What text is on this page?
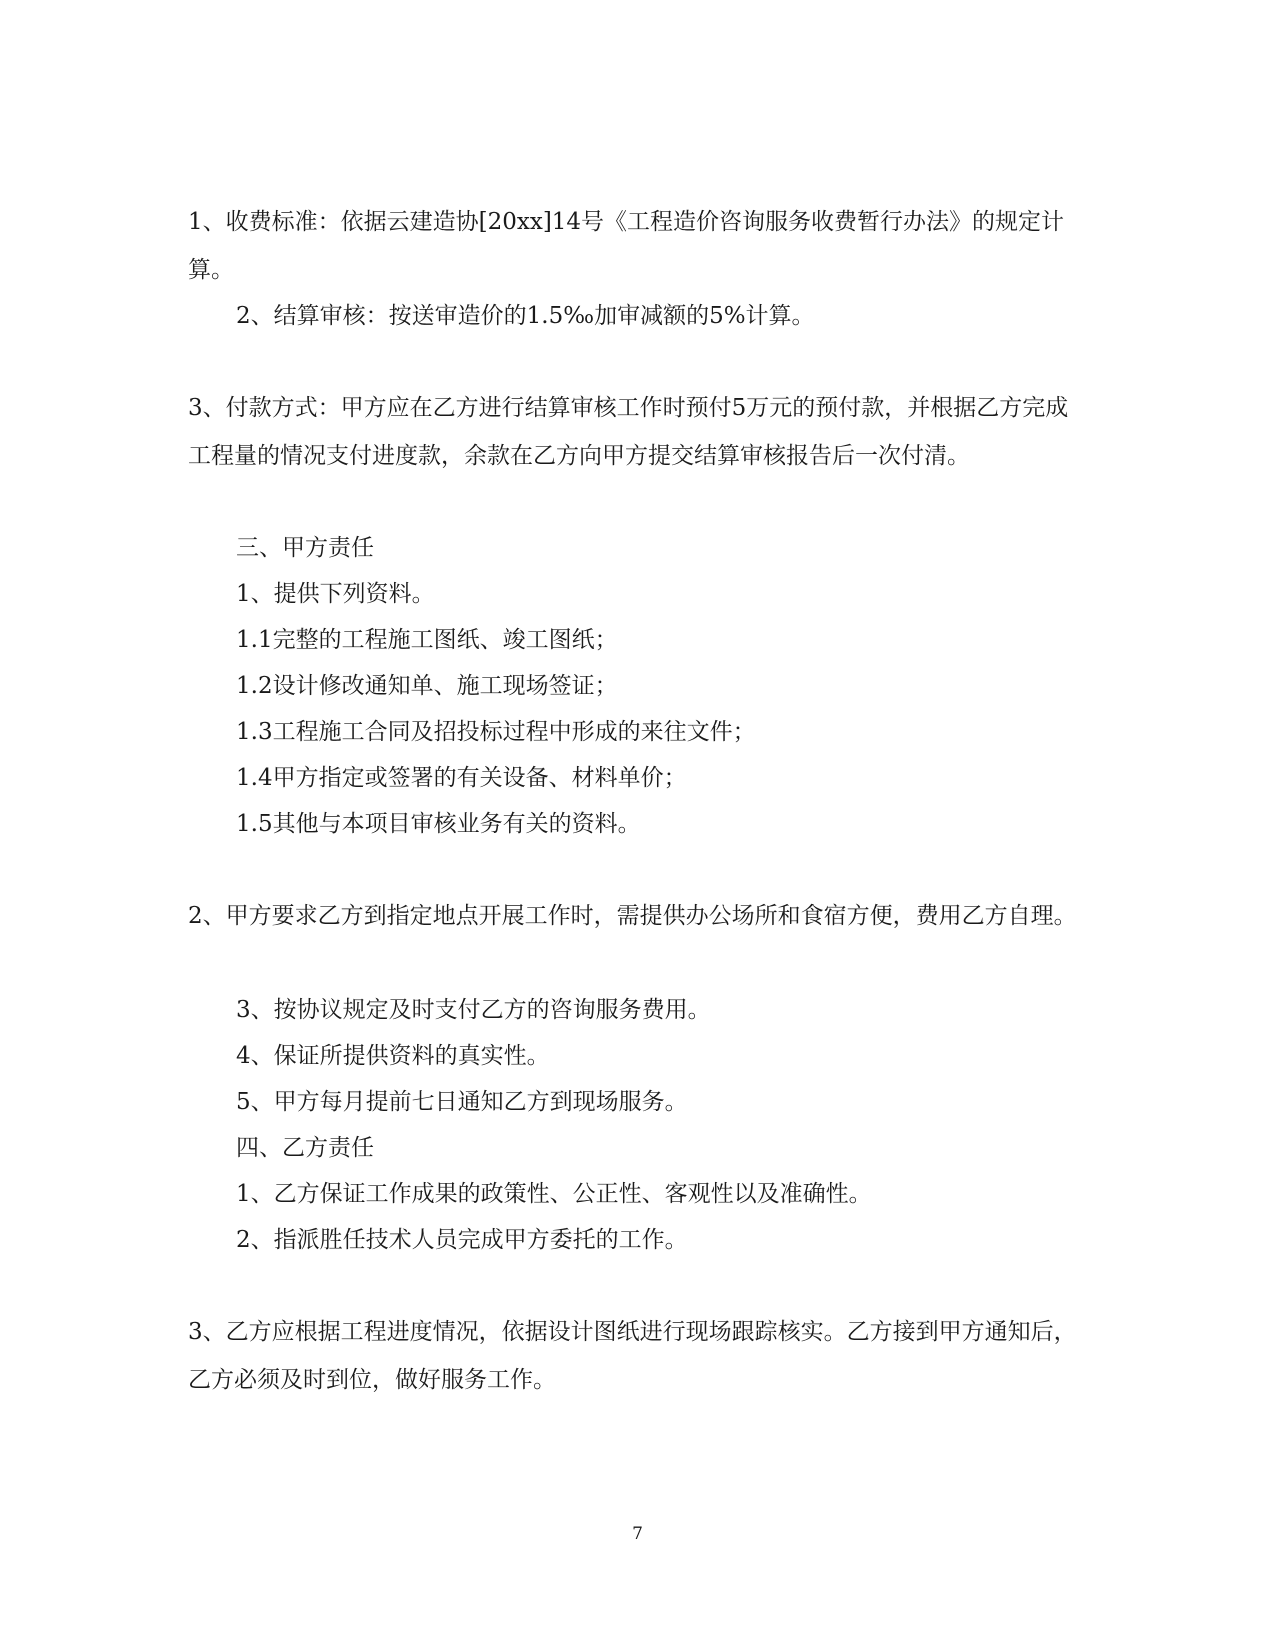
1、收费标准：依据云建造协[20xx]14号《工程造价咨询服务收费暂行办法》的规定计算。

2、结算审核：按送审造价的1.5‰加审减额的5%计算。

3、付款方式：甲方应在乙方进行结算审核工作时预付5万元的预付款，并根据乙方完成工程量的情况支付进度款，余款在乙方向甲方提交结算审核报告后一次付清。

三、甲方责任

1、提供下列资料。

1.1完整的工程施工图纸、竣工图纸；

1.2设计修改通知单、施工现场签证；

1.3工程施工合同及招投标过程中形成的来往文件；

1.4甲方指定或签署的有关设备、材料单价；

1.5其他与本项目审核业务有关的资料。

2、甲方要求乙方到指定地点开展工作时，需提供办公场所和食宿方便，费用乙方自理。

3、按协议规定及时支付乙方的咨询服务费用。

4、保证所提供资料的真实性。

5、甲方每月提前七日通知乙方到现场服务。

四、乙方责任

1、乙方保证工作成果的政策性、公正性、客观性以及准确性。

2、指派胜任技术人员完成甲方委托的工作。

3、乙方应根据工程进度情况，依据设计图纸进行现场跟踪核实。乙方接到甲方通知后，乙方必须及时到位，做好服务工作。

7
